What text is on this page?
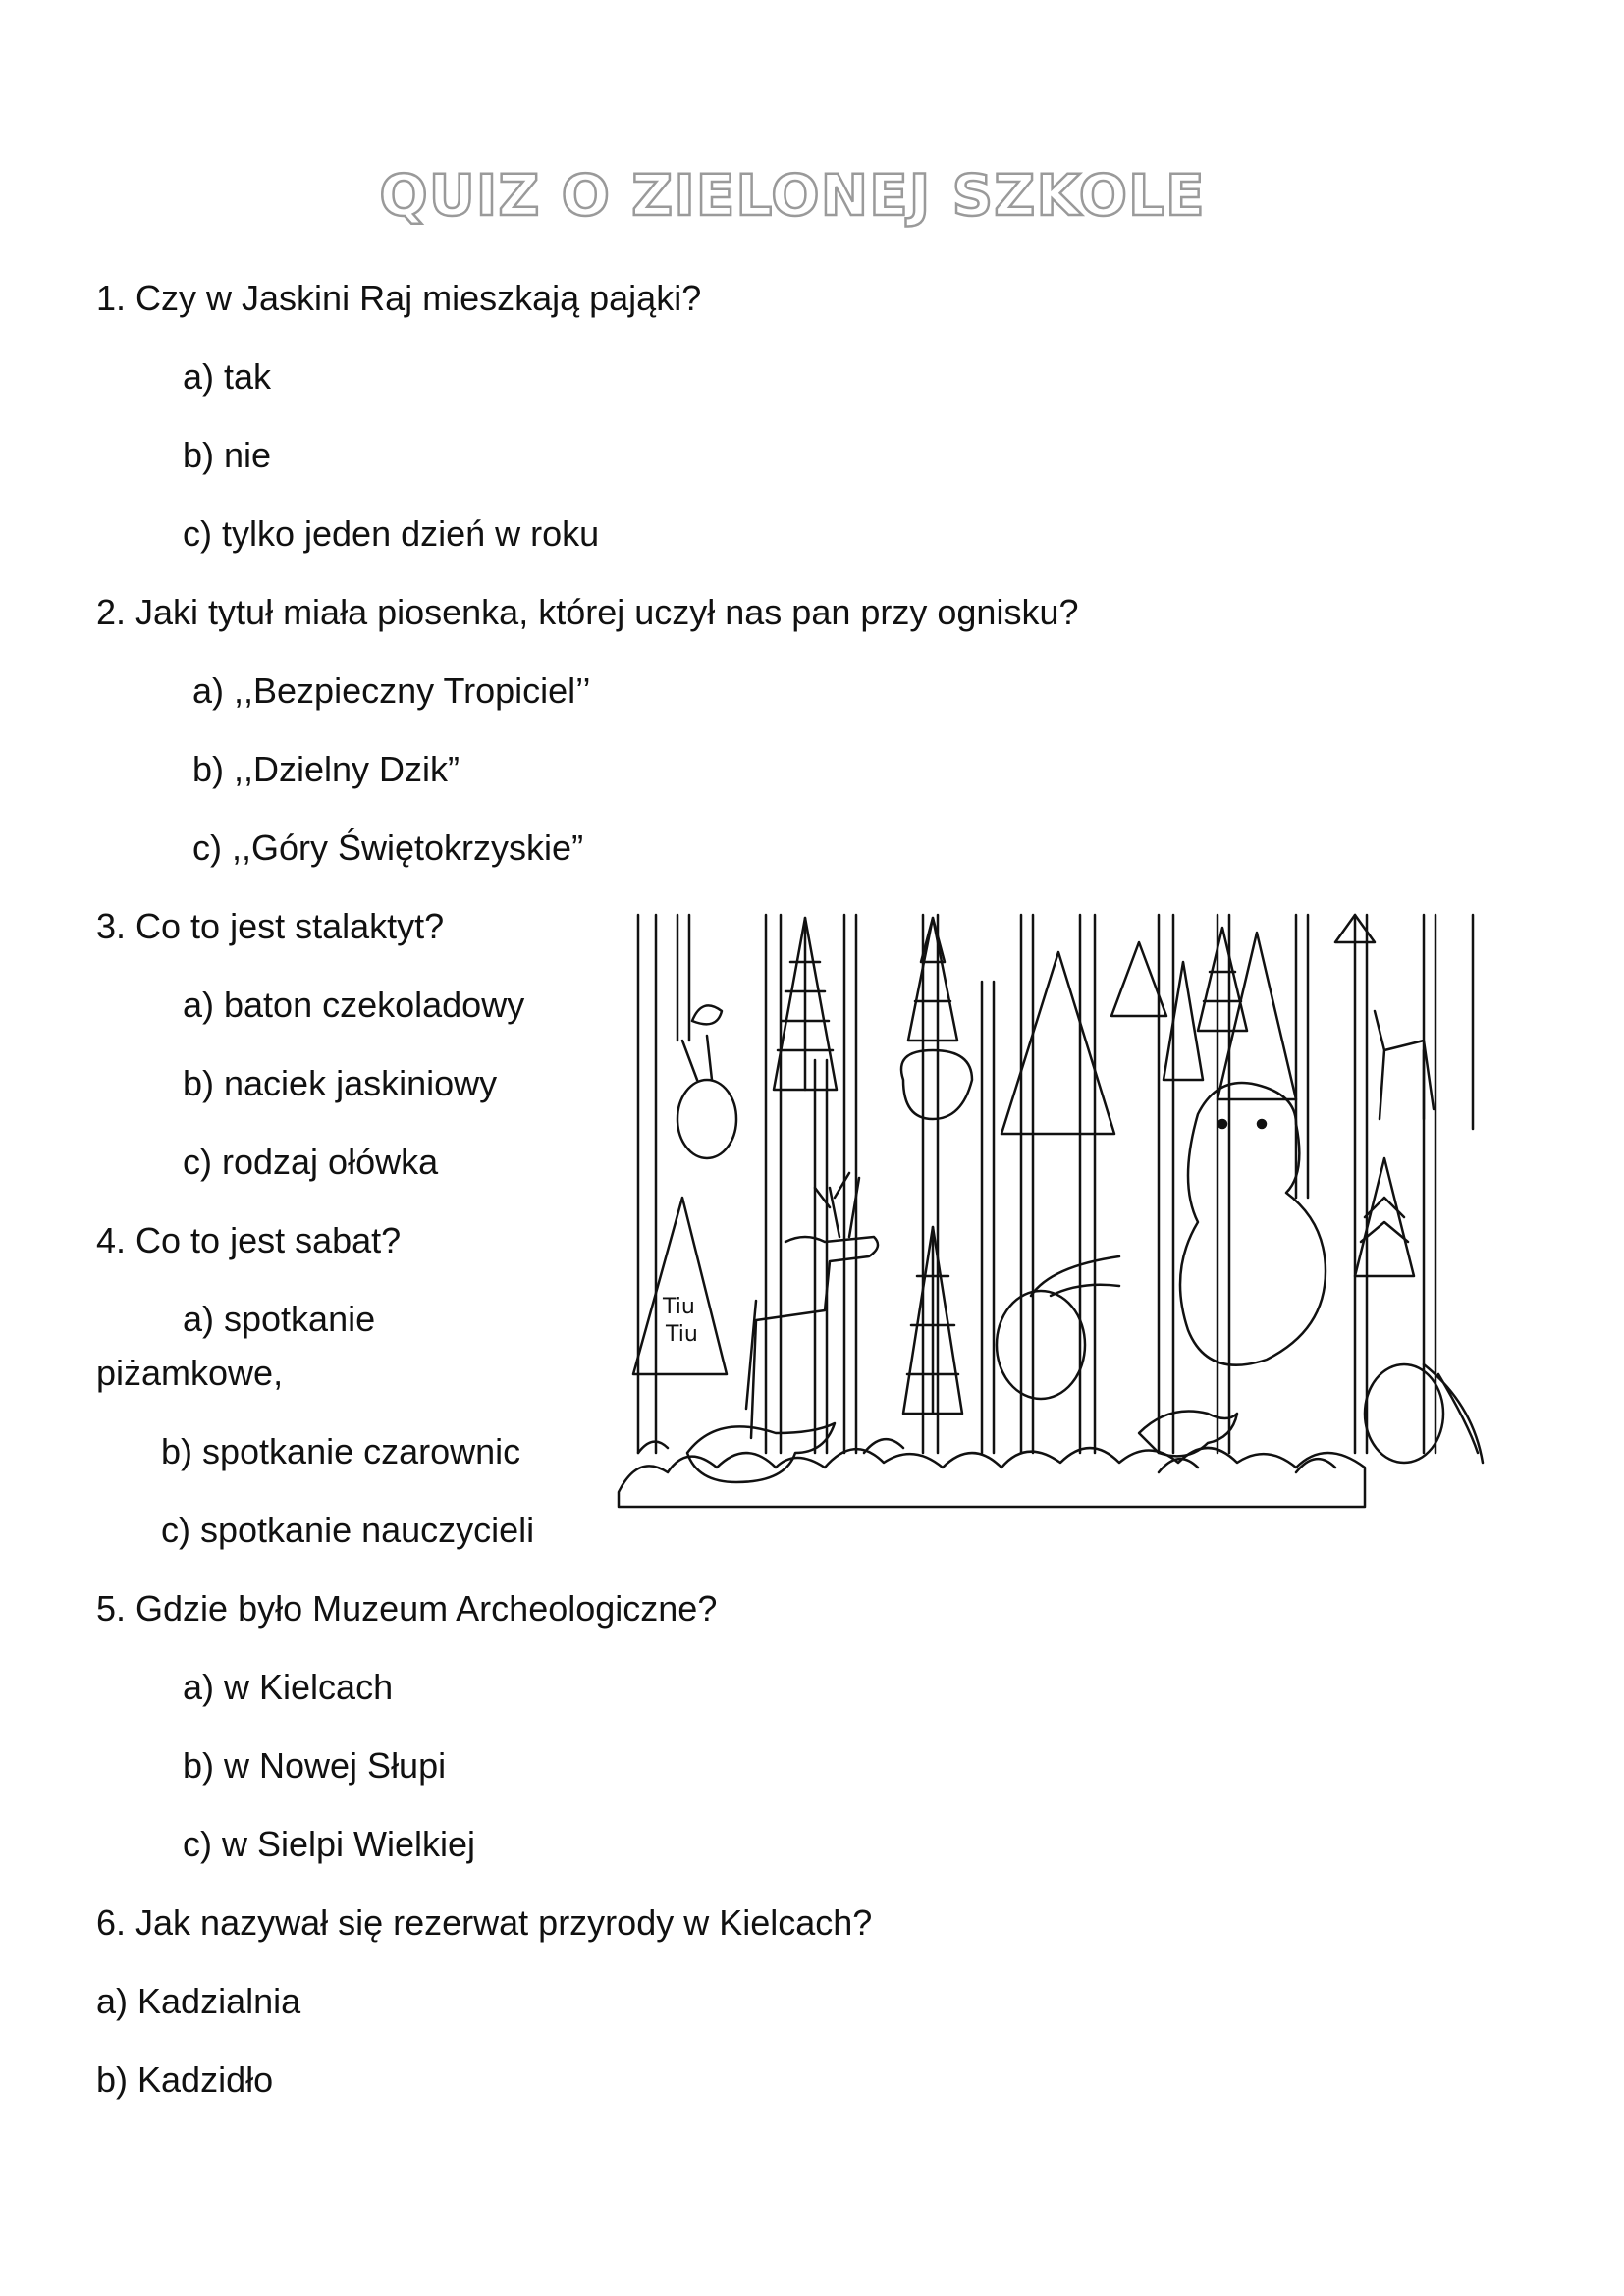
QUIZ O ZIELONEJ SZKOLE
1. Czy w Jaskini Raj mieszkają pająki?
a) tak
b) nie
c) tylko jeden dzień w roku
2. Jaki tytuł miała piosenka, której uczył nas pan przy ognisku?
a) ,,Bezpieczny Tropiciel’’
b) ,,Dzielny Dzik”
c) ,,Góry Świętokrzyskie”
3. Co to jest stalaktyt?
a) baton czekoladowy
b) naciek jaskiniowy
c) rodzaj ołówka
4. Co to jest sabat?
a) spotkanie
piżamkowe,
b) spotkanie czarownic
c) spotkanie nauczycieli
5. Gdzie było Muzeum Archeologiczne?
a) w Kielcach
b) w Nowej Słupi
c) w Sielpi Wielkiej
6. Jak nazywał się rezerwat przyrody w Kielcach?
a) Kadzialnia
b) Kadzidło
Tiu
Tiu
